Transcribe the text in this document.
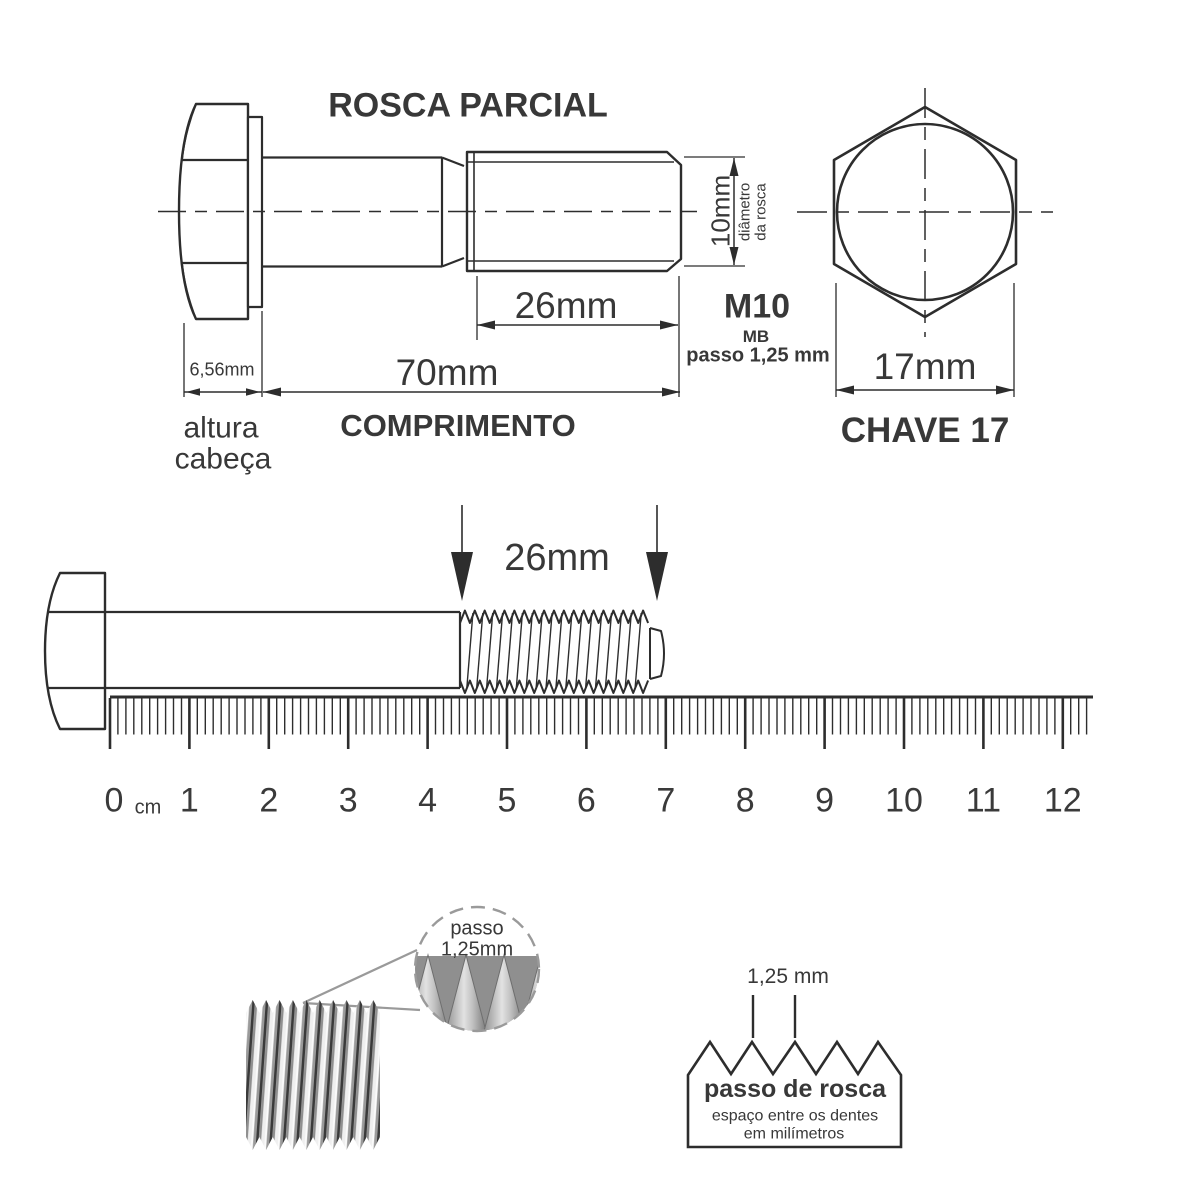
ROSCA PARCIAL
26mm
70mm
6,56mm
altura
cabeça
COMPRIMENTO
10mm diâmetro
da rosca
M10
MB
passo 1,25 mm 17mm
CHAVE 17
26mm
0 1 2 3 4 5 6 7 8 9 10 11 12
cm
passo
1,25mm
1,25 mm
passo de rosca
espaço entre os dentes
em milímetros
